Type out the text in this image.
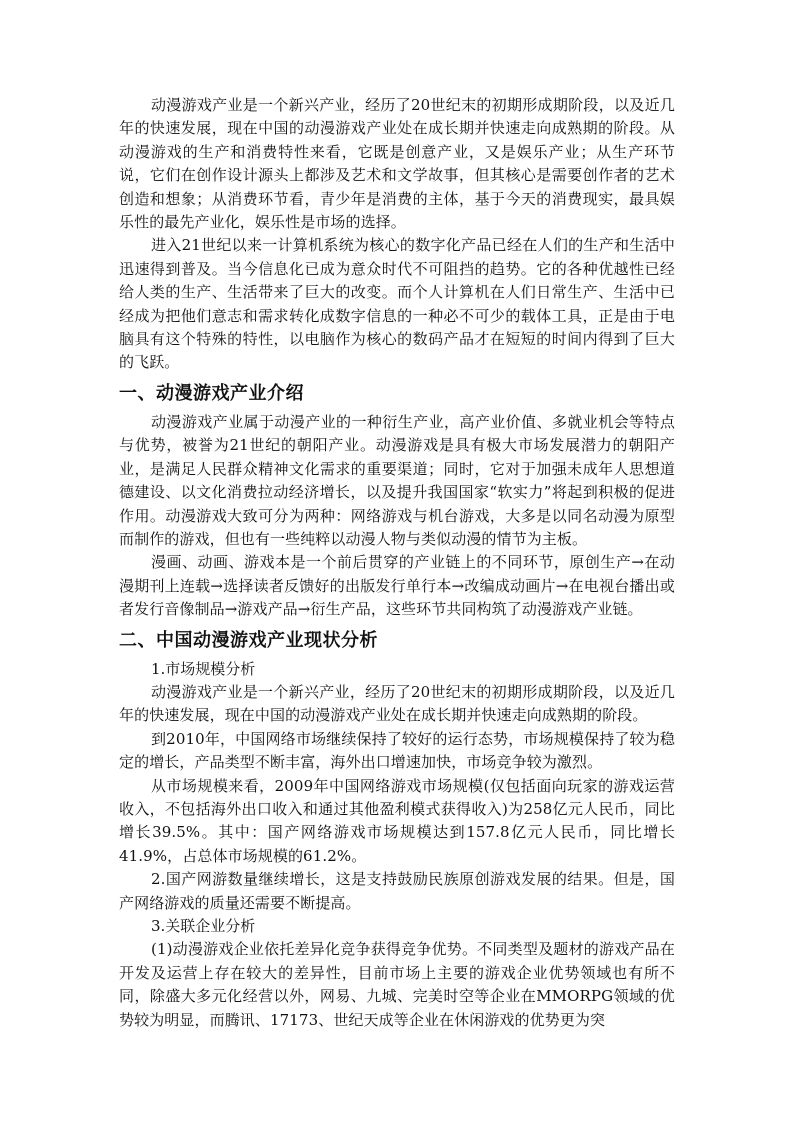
动漫游戏产业是一个新兴产业，经历了20世纪末的初期形成期阶段，以及近几年的快速发展，现在中国的动漫游戏产业处在成长期并快速走向成熟期的阶段。从动漫游戏的生产和消费特性来看，它既是创意产业，又是娱乐产业；从生产环节说，它们在创作设计源头上都涉及艺术和文学故事，但其核心是需要创作者的艺术创造和想象；从消费环节看，青少年是消费的主体，基于今天的消费现实，最具娱乐性的最先产业化，娱乐性是市场的选择。

进入21世纪以来一计算机系统为核心的数字化产品已经在人们的生产和生活中迅速得到普及。当今信息化已成为意众时代不可阻挡的趋势。它的各种优越性已经给人类的生产、生活带来了巨大的改变。而个人计算机在人们日常生产、生活中已经成为把他们意志和需求转化成数字信息的一种必不可少的载体工具，正是由于电脑具有这个特殊的特性，以电脑作为核心的数码产品才在短短的时间内得到了巨大的飞跃。

一、动漫游戏产业介绍

动漫游戏产业属于动漫产业的一种衍生产业，高产业价值、多就业机会等特点与优势，被誉为21世纪的朝阳产业。动漫游戏是具有极大市场发展潜力的朝阳产业，是满足人民群众精神文化需求的重要渠道；同时，它对于加强未成年人思想道德建设、以文化消费拉动经济增长，以及提升我国国家“软实力”将起到积极的促进作用。动漫游戏大致可分为两种：网络游戏与机台游戏，大多是以同名动漫为原型而制作的游戏，但也有一些纯粹以动漫人物与类似动漫的情节为主板。

漫画、动画、游戏本是一个前后贯穿的产业链上的不同环节，原创生产→在动漫期刊上连载→选择读者反馈好的出版发行单行本→改编成动画片→在电视台播出或者发行音像制品→游戏产品→衍生产品，这些环节共同构筑了动漫游戏产业链。

二、中国动漫游戏产业现状分析

1.市场规模分析

动漫游戏产业是一个新兴产业，经历了20世纪末的初期形成期阶段，以及近几年的快速发展，现在中国的动漫游戏产业处在成长期并快速走向成熟期的阶段。

到2010年，中国网络市场继续保持了较好的运行态势，市场规模保持了较为稳定的增长，产品类型不断丰富，海外出口增速加快，市场竞争较为激烈。

从市场规模来看，2009年中国网络游戏市场规模(仅包括面向玩家的游戏运营收入，不包括海外出口收入和通过其他盈利模式获得收入)为258亿元人民币，同比增长39.5%。其中：国产网络游戏市场规模达到157.8亿元人民币，同比增长41.9%，占总体市场规模的61.2%。

2.国产网游数量继续增长，这是支持鼓励民族原创游戏发展的结果。但是，国产网络游戏的质量还需要不断提高。

3.关联企业分析

(1)动漫游戏企业依托差异化竞争获得竞争优势。不同类型及题材的游戏产品在开发及运营上存在较大的差异性，目前市场上主要的游戏企业优势领域也有所不同，除盛大多元化经营以外，网易、九城、完美时空等企业在MMORPG领域的优势较为明显，而腾讯、17173、世纪天成等企业在休闲游戏的优势更为突
